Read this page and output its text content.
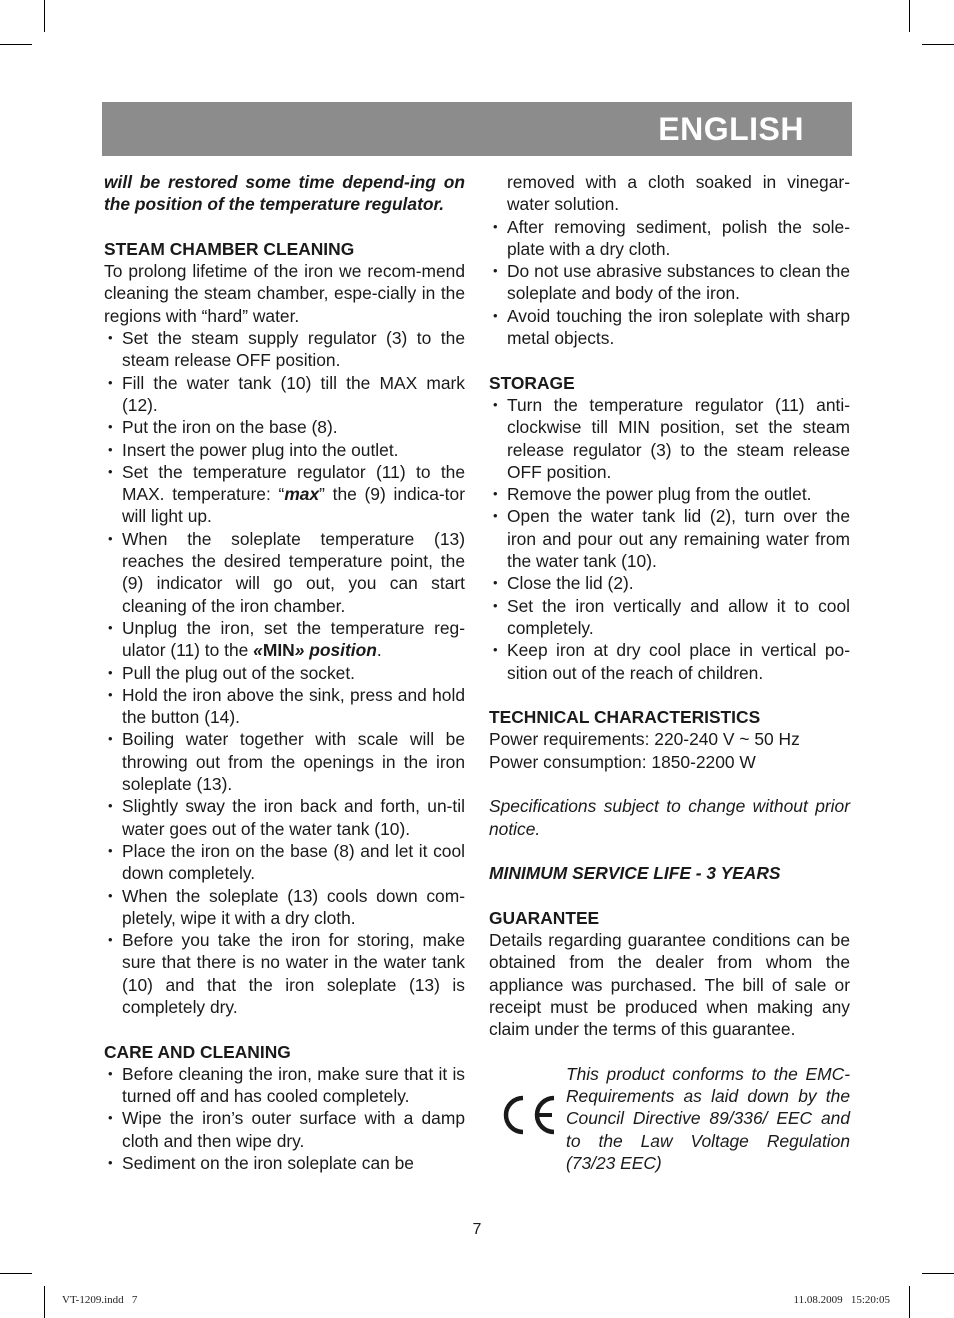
ENGLISH

will be restored some time depend-ing on the position of the temperature regulator.

STEAM CHAMBER CLEANING

To prolong lifetime of the iron we recom-mend cleaning the steam chamber, espe-cially in the regions with “hard” water.

• Set the steam supply regulator (3) to the steam release OFF position.
• Fill the water tank (10) till the MAX mark (12).
• Put the iron on the base (8).
• Insert the power plug into the outlet.
• Set the temperature regulator (11) to the MAX. temperature: “max” the (9) indica-tor will light up.
• When the soleplate temperature (13) reaches the desired temperature point, the (9) indicator will go out, you can start cleaning of the iron chamber.
• Unplug the iron, set the temperature reg-ulator (11) to the «MIN» position.
• Pull the plug out of the socket.
• Hold the iron above the sink, press and hold the button (14).
• Boiling water together with scale will be throwing out from the openings in the iron soleplate (13).
• Slightly sway the iron back and forth, un-til water goes out of the water tank (10).
• Place the iron on the base (8) and let it cool down completely.
• When the soleplate (13) cools down com-pletely, wipe it with a dry cloth.
• Before you take the iron for storing, make sure that there is no water in the water tank (10) and that the iron soleplate (13) is completely dry.

CARE AND CLEANING

• Before cleaning the iron, make sure that it is turned off and has cooled completely.
• Wipe the iron’s outer surface with a damp cloth and then wipe dry.
• Sediment on the iron soleplate can be
removed with a cloth soaked in vinegar-water solution.
• After removing sediment, polish the sole-plate with a dry cloth.
• Do not use abrasive substances to clean the soleplate and body of the iron.
• Avoid touching the iron soleplate with sharp metal objects.

STORAGE

• Turn the temperature regulator (11) anti-clockwise till MIN position, set the steam release regulator (3) to the steam release OFF position.
• Remove the power plug from the outlet.
• Open the water tank lid (2), turn over the iron and pour out any remaining water from the water tank (10).
• Close the lid (2).
• Set the iron vertically and allow it to cool completely.
• Keep iron at dry cool place in vertical po-sition out of the reach of children.

TECHNICAL CHARACTERISTICS

Power requirements: 220-240 V ~ 50 Hz

Power consumption: 1850-2200 W

Specifications subject to change without prior notice.

MINIMUM SERVICE LIFE - 3 YEARS

GUARANTEE

Details regarding guarantee conditions can be obtained from the dealer from whom the appliance was purchased. The bill of sale or receipt must be produced when making any claim under the terms of this guarantee.

This product conforms to the EMC-Requirements as laid down by the Council Directive 89/336/ EEC and to the Law Voltage Regulation (73/23 EEC)
7
VT-1209.indd   7	11.08.2009   15:20:05
